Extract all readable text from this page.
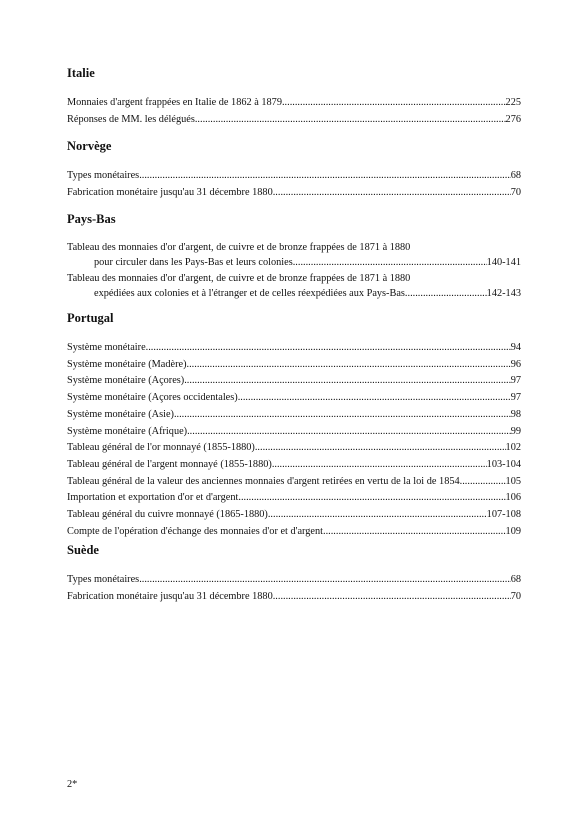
Italie
Monnaies d'argent frappées en Italie de 1862 à 1879 .....	225
Réponses de MM. les délégués .....	276
Norvège
Types monétaires .....	68
Fabrication monétaire jusqu'au 31 décembre 1880 .....	70
Pays-Bas
Tableau des monnaies d'or d'argent, de cuivre et de bronze frappées de 1871 à 1880
pour circuler dans les Pays-Bas et leurs colonies .....	140-141
Tableau des monnaies d'or d'argent, de cuivre et de bronze frappées de 1871 à 1880
expédiées aux colonies et à l'étranger et de celles réexpédiées aux Pays-Bas .....	142-143
Portugal
Système monétaire .....	94
Système monétaire (Madère) .....	96
Système monétaire (Açores) .....	97
Système monétaire (Açores occidentales) .....	97
Système monétaire (Asie) .....	98
Système monétaire (Afrique) .....	99
Tableau général de l'or monnayé (1855-1880) .....	102
Tableau général de l'argent monnayé (1855-1880) .....	103-104
Tableau général de la valeur des anciennes monnaies d'argent retirées en vertu de la loi de 1854 .....	105
Importation et exportation d'or et d'argent .....	106
Tableau général du cuivre monnayé (1865-1880) .....	107-108
Compte de l'opération d'échange des monnaies d'or et d'argent .....	109
Suède
Types monétaires .....	68
Fabrication monétaire jusqu'au 31 décembre 1880 .....	70
2*
